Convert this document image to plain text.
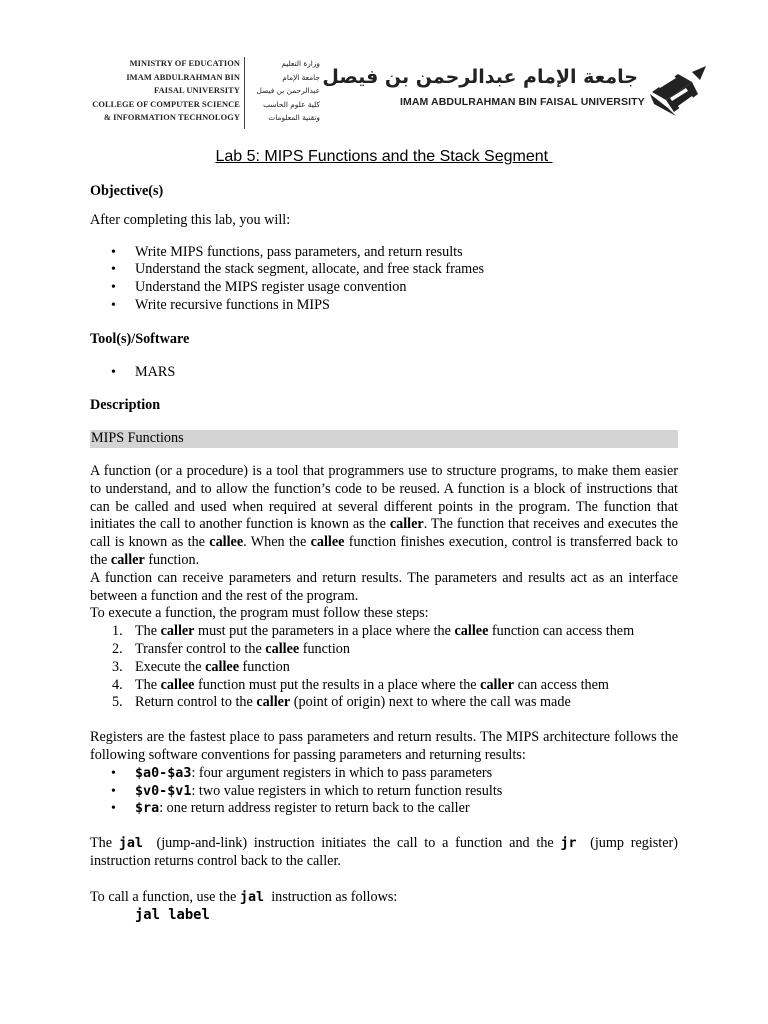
MINISTRY OF EDUCATION
IMAM ABDULRAHMAN BIN
FAISAL UNIVERSITY
COLLEGE OF COMPUTER SCIENCE
& INFORMATION TECHNOLOGY
وزارة التعليم
جامعة الإمام
عبدالرحمن بن فيصل
كلية علوم الحاسب
وتقنية المعلومات
جامعة الإمام عبدالرحمن بن فيصل
IMAM ABDULRAHMAN BIN FAISAL UNIVERSITY
Lab 5: MIPS Functions and the Stack Segment

Objective(s)

After completing this lab, you will:

• Write MIPS functions, pass parameters, and return results
• Understand the stack segment, allocate, and free stack frames
• Understand the MIPS register usage convention
• Write recursive functions in MIPS

Tool(s)/Software

• MARS

Description

MIPS Functions

A function (or a procedure) is a tool that programmers use to structure programs, to make them easier to understand, and to allow the function’s code to be reused. A function is a block of instructions that can be called and used when required at several different points in the program. The function that initiates the call to another function is known as the caller. The function that receives and executes the call is known as the callee. When the callee function finishes execution, control is transferred back to the caller function.

A function can receive parameters and return results. The parameters and results act as an interface between a function and the rest of the program.

To execute a function, the program must follow these steps:

1. The caller must put the parameters in a place where the callee function can access them
2. Transfer control to the callee function
3. Execute the callee function
4. The callee function must put the results in a place where the caller can access them
5. Return control to the caller (point of origin) next to where the call was made

Registers are the fastest place to pass parameters and return results. The MIPS architecture follows the following software conventions for passing parameters and returning results:

• $a0-$a3: four argument registers in which to pass parameters
• $v0-$v1: two value registers in which to return function results
• $ra: one return address register to return back to the caller

The jal  (jump-and-link) instruction initiates the call to a function and the jr  (jump register) instruction returns control back to the caller.

To call a function, use the jal  instruction as follows:

jal label
